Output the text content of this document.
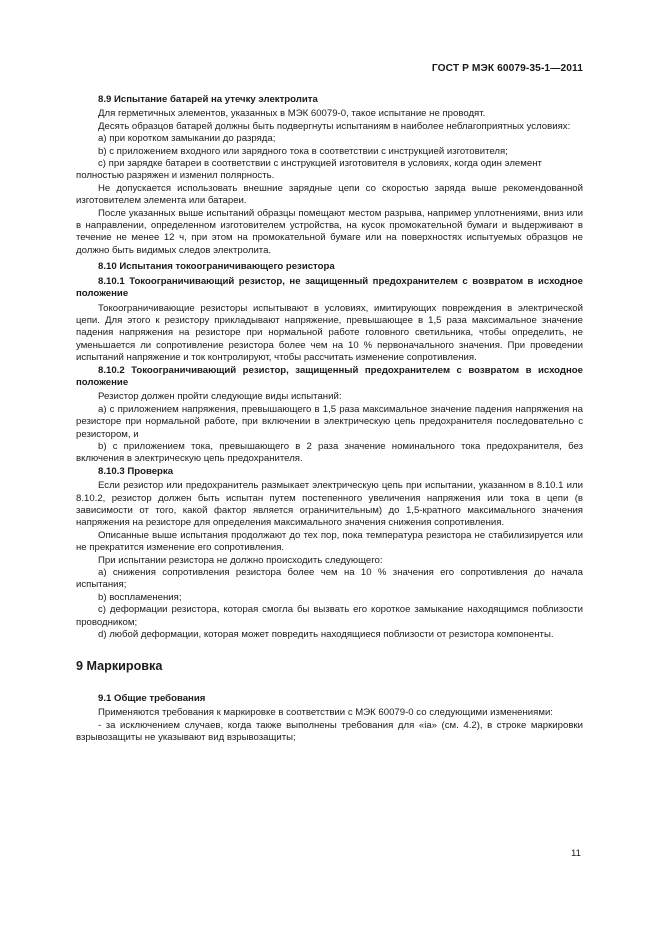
ГОСТ Р МЭК 60079-35-1—2011

8.9 Испытание батарей на утечку электролита

Для герметичных элементов, указанных в МЭК 60079-0, такое испытание не проводят.

Десять образцов батарей должны быть подвергнуты испытаниям в наиболее неблагоприятных условиях:

а) при коротком замыкании до разряда;

b) с приложением входного или зарядного тока в соответствии с инструкцией изготовителя;

c) при зарядке батареи в соответствии с инструкцией изготовителя в условиях, когда один элемент

полностью разряжен и изменил полярность.

Не допускается использовать внешние зарядные цепи со скоростью заряда выше рекомендованной изготовителем элемента или батареи.

После указанных выше испытаний образцы помещают местом разрыва, например уплотнениями, вниз или в направлении, определенном изготовителем устройства, на кусок промокательной бумаги и выдерживают в течение не менее 12 ч, при этом на промокательной бумаге или на поверхностях испытуемых образцов не должно быть видимых следов электролита.

8.10 Испытания токоограничивающего резистора

8.10.1 Токоограничивающий резистор, не защищенный предохранителем с возвратом в исходное положение

Токоограничивающие резисторы испытывают в условиях, имитирующих повреждения в электрической цепи. Для этого к резистору прикладывают напряжение, превышающее в 1,5 раза максимальное значение падения напряжения на резисторе при нормальной работе головного светильника, чтобы определить, не уменьшается ли сопротивление резистора более чем на 10 % первоначального значения. При проведении испытаний напряжение и ток контролируют, чтобы рассчитать изменение сопротивления.

8.10.2 Токоограничивающий резистор, защищенный предохранителем с возвратом в исходное положение

Резистор должен пройти следующие виды испытаний:

а) с приложением напряжения, превышающего в 1,5 раза максимальное значение падения напряжения на резисторе при нормальной работе, при включении в электрическую цепь предохранителя последовательно с резистором, и

b) с приложением тока, превышающего в 2 раза значение номинального тока предохранителя, без включения в электрическую цепь предохранителя.

8.10.3 Проверка

Если резистор или предохранитель размыкает электрическую цепь при испытании, указанном в 8.10.1 или 8.10.2, резистор должен быть испытан путем постепенного увеличения напряжения или тока в цепи (в зависимости от того, какой фактор является ограничительным) до 1,5-кратного максимального значения напряжения на резисторе для определения максимального значения снижения сопротивления.

Описанные выше испытания продолжают до тех пор, пока температура резистора не стабилизируется или не прекратится изменение его сопротивления.

При испытании резистора не должно происходить следующего:

а) снижения сопротивления резистора более чем на 10 % значения его сопротивления до начала испытания;

b) воспламенения;

c) деформации резистора, которая смогла бы вызвать его короткое замыкание находящимся поблизости проводником;

d) любой деформации, которая может повредить находящиеся поблизости от резистора компоненты.

9 Маркировка

9.1 Общие требования

Применяются требования к маркировке в соответствии с МЭК 60079-0 со следующими изменениями:

- за исключением случаев, когда также выполнены требования для «ia» (см. 4.2), в строке маркировки взрывозащиты не указывают вид взрывозащиты;

11
